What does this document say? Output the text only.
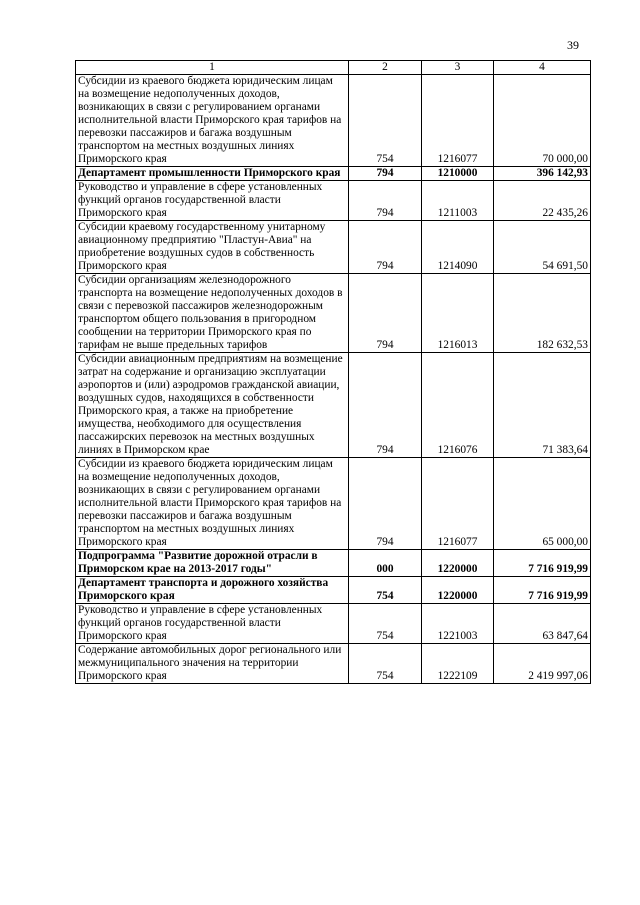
39
1	2	3	4
Субсидии из краевого бюджета юридическим лицам на возмещение недополученных доходов, возникающих в связи с регулированием органами исполнительной власти Приморского края тарифов на перевозки пассажиров и багажа воздушным транспортом на местных воздушных линиях Приморского края	754	1216077	70 000,00
Департамент промышленности Приморского края	794	1210000	396 142,93
Руководство и управление в сфере установленных функций органов государственной власти Приморского края	794	1211003	22 435,26
Субсидии краевому государственному унитарному авиационному предприятию "Пластун-Авиа" на приобретение воздушных судов в собственность Приморского края	794	1214090	54 691,50
Субсидии организациям железнодорожного транспорта на возмещение недополученных доходов в связи с перевозкой пассажиров железнодорожным транспортом общего пользования в пригородном сообщении на территории Приморского края по тарифам не выше предельных тарифов	794	1216013	182 632,53
Субсидии авиационным предприятиям на возмещение затрат на содержание и организацию эксплуатации аэропортов и (или) аэродромов гражданской авиации, воздушных судов, находящихся в собственности Приморского края, а также на приобретение имущества, необходимого для осуществления пассажирских перевозок на местных воздушных линиях в Приморском крае	794	1216076	71 383,64
Субсидии из краевого бюджета юридическим лицам на возмещение недополученных доходов, возникающих в связи с регулированием органами исполнительной власти Приморского края тарифов на перевозки пассажиров и багажа воздушным транспортом на местных воздушных линиях Приморского края	794	1216077	65 000,00
Подпрограмма "Развитие дорожной отрасли в Приморском крае на 2013-2017 годы"	000	1220000	7 716 919,99
Департамент транспорта и дорожного хозяйства Приморского края	754	1220000	7 716 919,99
Руководство и управление в сфере установленных функций органов государственной власти Приморского края	754	1221003	63 847,64
Содержание автомобильных дорог регионального или межмуниципального значения на территории Приморского края	754	1222109	2 419 997,06
